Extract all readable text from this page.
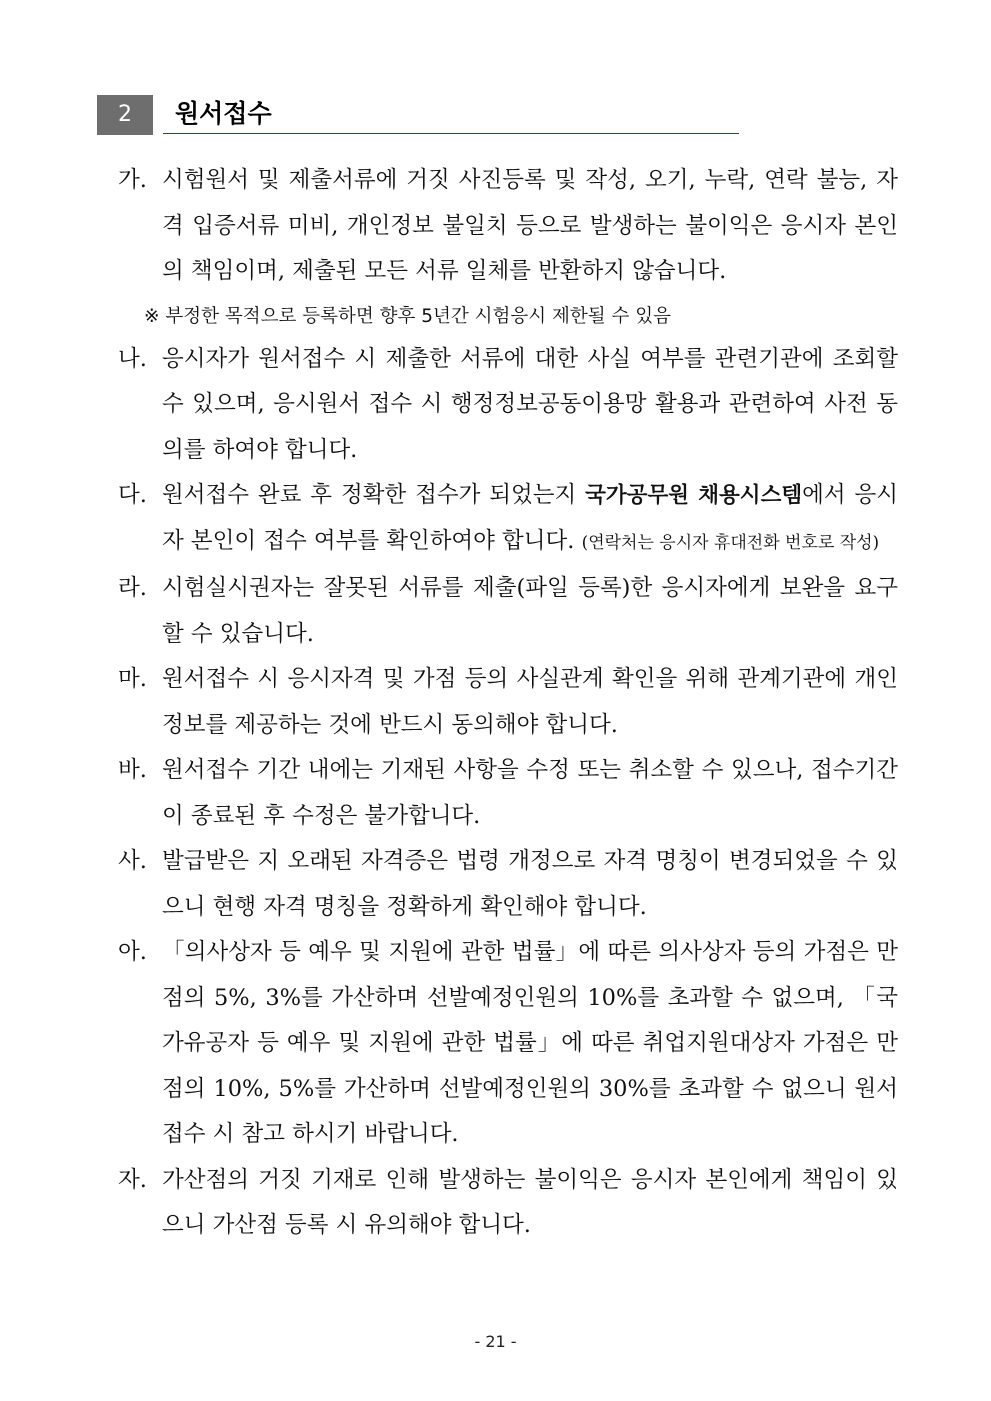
2	원서접수
가. 시험원서 및 제출서류에 거짓 사진등록 및 작성, 오기, 누락, 연락 불능, 자격 입증서류 미비, 개인정보 불일치 등으로 발생하는 불이익은 응시자 본인의 책임이며, 제출된 모든 서류 일체를 반환하지 않습니다.
※ 부정한 목적으로 등록하면 향후 5년간 시험응시 제한될 수 있음
나. 응시자가 원서접수 시 제출한 서류에 대한 사실 여부를 관련기관에 조회할 수 있으며, 응시원서 접수 시 행정정보공동이용망 활용과 관련하여 사전 동의를 하여야 합니다.
다. 원서접수 완료 후 정확한 접수가 되었는지 국가공무원 채용시스템에서 응시자 본인이 접수 여부를 확인하여야 합니다. (연락처는 응시자 휴대전화 번호로 작성)
라. 시험실시권자는 잘못된 서류를 제출(파일 등록)한 응시자에게 보완을 요구할 수 있습니다.
마. 원서접수 시 응시자격 및 가점 등의 사실관계 확인을 위해 관계기관에 개인정보를 제공하는 것에 반드시 동의해야 합니다.
바. 원서접수 기간 내에는 기재된 사항을 수정 또는 취소할 수 있으나, 접수기간이 종료된 후 수정은 불가합니다.
사. 발급받은 지 오래된 자격증은 법령 개정으로 자격 명칭이 변경되었을 수 있으니 현행 자격 명칭을 정확하게 확인해야 합니다.
아. 「의사상자 등 예우 및 지원에 관한 법률」에 따른 의사상자 등의 가점은 만점의 5%, 3%를 가산하며 선발예정인원의 10%를 초과할 수 없으며, 「국가유공자 등 예우 및 지원에 관한 법률」에 따른 취업지원대상자 가점은 만점의 10%, 5%를 가산하며 선발예정인원의 30%를 초과할 수 없으니 원서접수 시 참고 하시기 바랍니다.
자. 가산점의 거짓 기재로 인해 발생하는 불이익은 응시자 본인에게 책임이 있으니 가산점 등록 시 유의해야 합니다.
- 21 -
